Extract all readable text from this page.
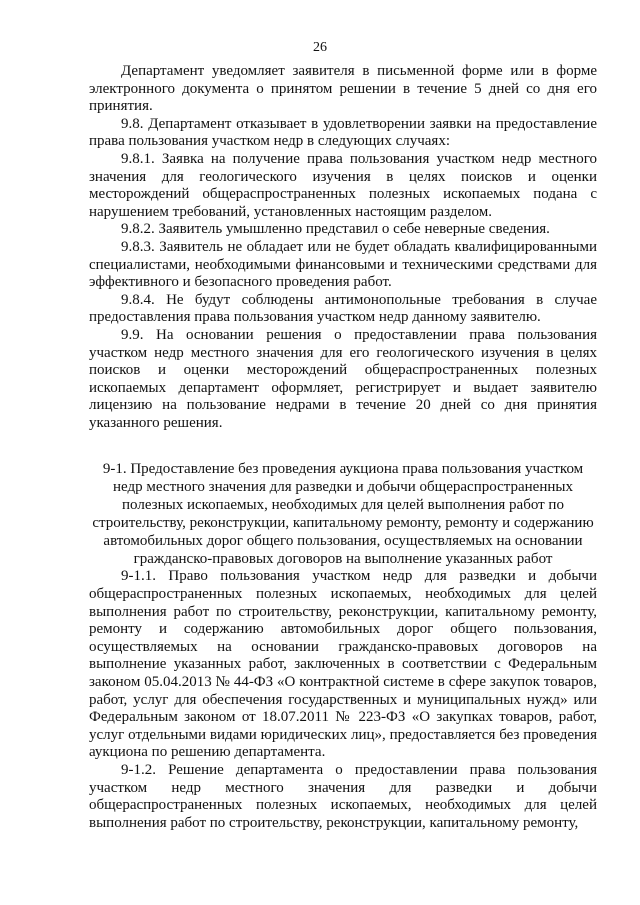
26

Департамент уведомляет заявителя в письменной форме или в форме электронного документа о принятом решении в течение 5 дней со дня его принятия.

9.8. Департамент отказывает в удовлетворении заявки на предоставление права пользования участком недр в следующих случаях:

9.8.1. Заявка на получение права пользования участком недр местного значения для геологического изучения в целях поисков и оценки месторождений общераспространенных полезных ископаемых подана с нарушением требований, установленных настоящим разделом.

9.8.2. Заявитель умышленно представил о себе неверные сведения.

9.8.3. Заявитель не обладает или не будет обладать квалифицированными специалистами, необходимыми финансовыми и техническими средствами для эффективного и безопасного проведения работ.

9.8.4. Не будут соблюдены антимонопольные требования в случае предоставления права пользования участком недр данному заявителю.

9.9. На основании решения о предоставлении права пользования участком недр местного значения для его геологического изучения в целях поисков и оценки месторождений общераспространенных полезных ископаемых департамент оформляет, регистрирует и выдает заявителю лицензию на пользование недрами в течение 20 дней со дня принятия указанного решения.

9-1. Предоставление без проведения аукциона права пользования участком недр местного значения для разведки и добычи общераспространенных полезных ископаемых, необходимых для целей выполнения работ по строительству, реконструкции, капитальному ремонту, ремонту и содержанию автомобильных дорог общего пользования, осуществляемых на основании гражданско-правовых договоров на выполнение указанных работ

9-1.1. Право пользования участком недр для разведки и добычи общераспространенных полезных ископаемых, необходимых для целей выполнения работ по строительству, реконструкции, капитальному ремонту, ремонту и содержанию автомобильных дорог общего пользования, осуществляемых на основании гражданско-правовых договоров на выполнение указанных работ, заключенных в соответствии с Федеральным законом 05.04.2013 № 44-ФЗ «О контрактной системе в сфере закупок товаров, работ, услуг для обеспечения государственных и муниципальных нужд» или Федеральным законом от 18.07.2011 № 223-ФЗ «О закупках товаров, работ, услуг отдельными видами юридических лиц», предоставляется без проведения аукциона по решению департамента.

9-1.2. Решение департамента о предоставлении права пользования участком недр местного значения для разведки и добычи общераспространенных полезных ископаемых, необходимых для целей выполнения работ по строительству, реконструкции, капитальному ремонту,
